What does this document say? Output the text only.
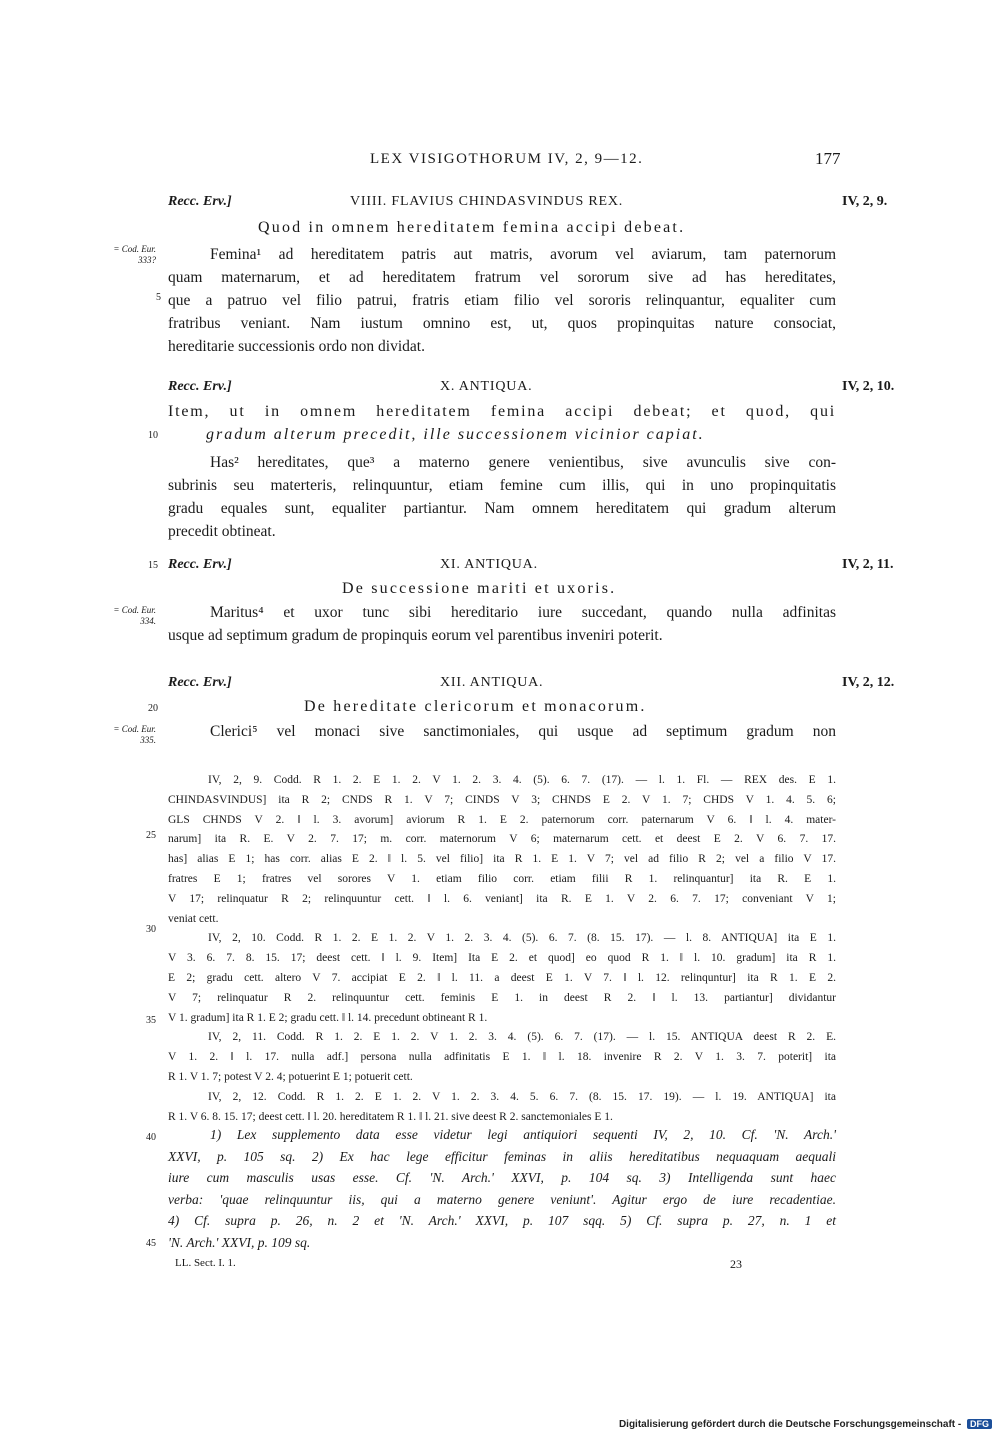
LEX VISIGOTHORUM IV, 2, 9—12.	177
Recc. Erv.]	VIIII. FLAVIUS CHINDASVINDUS REX.	IV, 2, 9.
Quod in omnem hereditatem femina accipi debeat.
= Cod. Eur. 333?
5
Femina¹ ad hereditatem patris aut matris, avorum vel aviarum, tam paternorum
quam maternarum, et ad hereditatem fratrum vel sororum sive ad has hereditates,
que a patruo vel filio patrui, fratris etiam filio vel sororis relinquantur, equaliter cum
fratribus veniant. Nam iustum omnino est, ut, quos propinquitas nature consociat,
hereditarie successionis ordo non dividat.
Recc. Erv.]	X. ANTIQUA.	IV, 2, 10.
Item, ut in omnem hereditatem femina accipi debeat; et quod, qui
gradum alterum precedit, ille successionem vicinior capiat.
10
Has² hereditates, que³ a materno genere venientibus, sive avunculis sive con-
subrinis seu materteris, relinquuntur, etiam femine cum illis, qui in uno propinquitatis
gradu equales sunt, equaliter partiantur. Nam omnem hereditatem qui gradum alterum
precedit obtineat.
15 Recc. Erv.]	XI. ANTIQUA.	IV, 2, 11.
De successione mariti et uxoris.
= Cod. Eur. 334.	Maritus⁴ et uxor tunc sibi hereditario iure succedant, quando nulla adfinitas
usque ad septimum gradum de propinquis eorum vel parentibus inveniri poterit.
Recc. Erv.]	XII. ANTIQUA.	IV, 2, 12.
20	De hereditate clericorum et monacorum.
= Cod. Eur. 335.	Clerici⁵ vel monaci sive sanctimoniales, qui usque ad septimum gradum non
25
30
35
IV, 2, 9. Codd. R 1. 2. E 1. 2. V 1. 2. 3. 4. (5). 6. 7. (17). — l. 1. Fl. — REX des. E 1.
CHINDASVINDUS] ita R 2; CNDS R 1. V 7; CINDS V 3; CHNDS E 2. V 1. 7; CHDS V 1. 4. 5. 6;
GLS CHNDS V 2. ‖ l. 3. avorum] aviorum R 1. E 2. paternorum corr. paternarum V 6. ‖ l. 4. mater-
narum] ita R. E. V 2. 7. 17; m. corr. maternorum V 6; maternarum cett. et deest E 2. V 6. 7. 17.
has] alias E 1; has corr. alias E 2. ‖ l. 5. vel filio] ita R 1. E 1. V 7; vel ad filio R 2; vel a filio V 17.
fratres E 1; fratres vel sorores V 1. etiam filio corr. etiam filii R 1. relinquantur] ita R. E 1.
V 17; relinquatur R 2; relinquuntur cett. ‖ l. 6. veniant] ita R. E 1. V 2. 6. 7. 17; conveniant V 1;
veniat cett.
IV, 2, 10. Codd. R 1. 2. E 1. 2. V 1. 2. 3. 4. (5). 6. 7. (8. 15. 17). — l. 8. ANTIQUA] ita E 1.
V 3. 6. 7. 8. 15. 17; deest cett. ‖ l. 9. Item] Ita E 2. et quod] eo quod R 1. ‖ l. 10. gradum] ita R 1.
E 2; gradu cett. altero V 7. accipiat E 2. ‖ l. 11. a deest E 1. V 7. ‖ l. 12. relinquntur] ita R 1. E 2.
V 7; relinquatur R 2. relinquuntur cett. feminis E 1. in deest R 2. ‖ l. 13. partiantur] dividantur
V 1. gradum] ita R 1. E 2; gradu cett. ‖ l. 14. precedunt obtineant R 1.
IV, 2, 11. Codd. R 1. 2. E 1. 2. V 1. 2. 3. 4. (5). 6. 7. (17). — l. 15. ANTIQUA deest R 2. E.
V 1. 2. ‖ l. 17. nulla adf.] persona nulla adfinitatis E 1. ‖ l. 18. invenire R 2. V 1. 3. 7. poterit] ita
R 1. V 1. 7; potest V 2. 4; potuerint E 1; potuerit cett.
IV, 2, 12. Codd. R 1. 2. E 1. 2. V 1. 2. 3. 4. 5. 6. 7. (8. 15. 17. 19). — l. 19. ANTIQUA] ita
R 1. V 6. 8. 15. 17; deest cett. ‖ l. 20. hereditatem R 1. ‖ l. 21. sive deest R 2. sanctemoniales E 1.
40
45
1) Lex supplemento data esse videtur legi antiquiori sequenti IV, 2, 10. Cf. 'N. Arch.'
XXVI, p. 105 sq. 2) Ex hac lege efficitur feminas in aliis hereditatibus nequaquam aequali
iure cum masculis usas esse. Cf. 'N. Arch.' XXVI, p. 104 sq. 3) Intelligenda sunt haec
verba: 'quae relinquuntur iis, qui a materno genere veniunt'. Agitur ergo de iure recadentiae.
4) Cf. supra p. 26, n. 2 et 'N. Arch.' XXVI, p. 107 sqq. 5) Cf. supra p. 27, n. 1 et
'N. Arch.' XXVI, p. 109 sq.
LL. Sect. I. 1.	23
Digitalisierung gefördert durch die Deutsche Forschungsgemeinschaft - DFG
